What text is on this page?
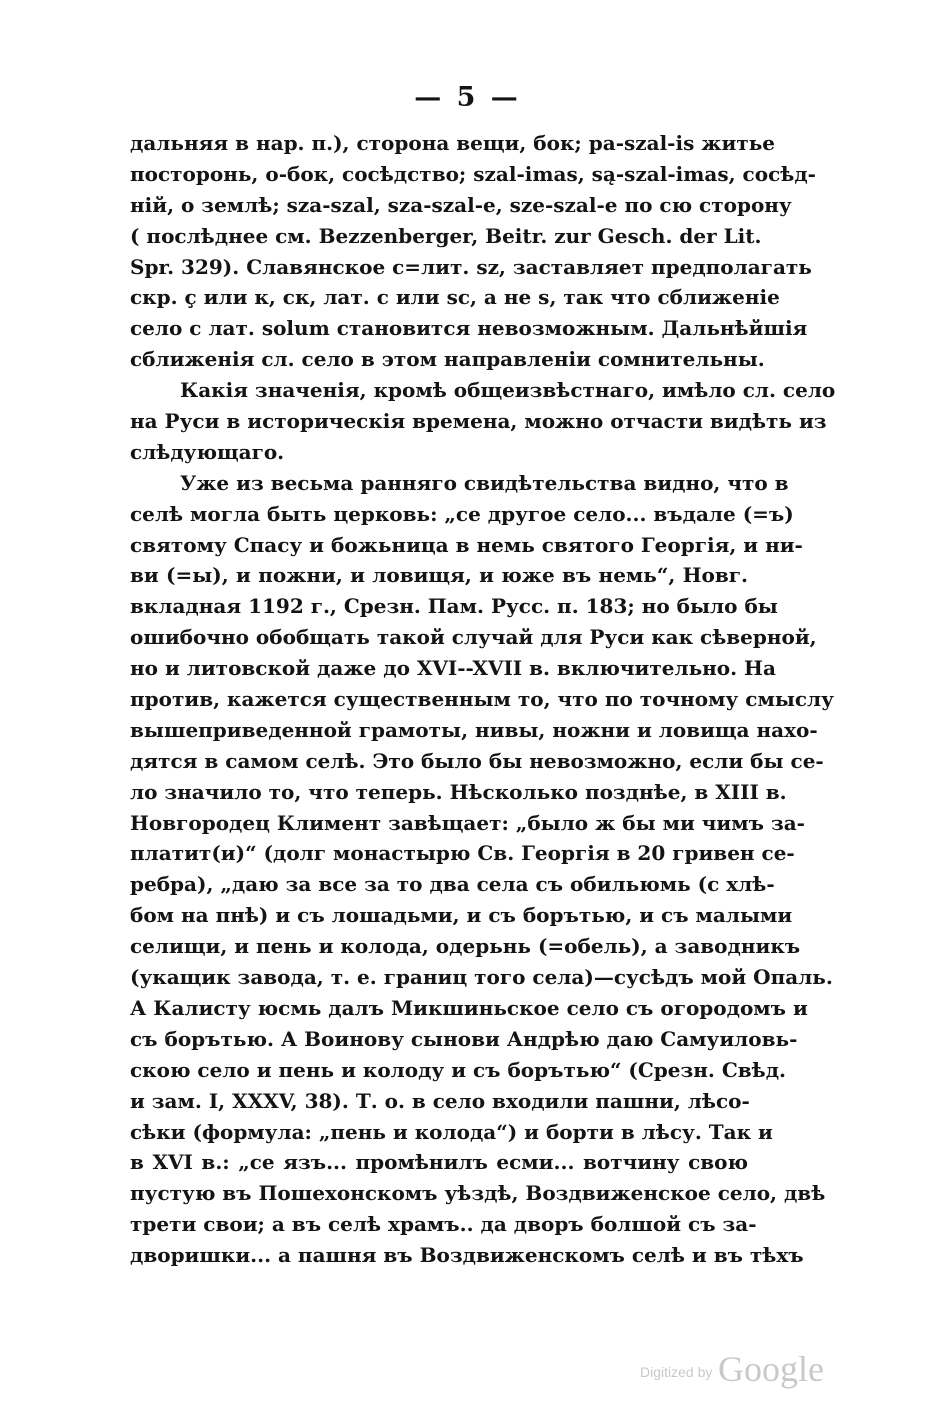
— 5 —
дальняя в нар. п.), сторона вещи, бок; pa-szal-is житье
посторонь, о-бок, сосѣдство; szal-imas, są-szal-imas, сосѣд-
ній, о землѣ; sza-szal, sza-szal-e, sze-szal-e по сю сторону
( послѣднее см. Bezzenberger, Beitr. zur Gesch. der Lit.
Spr. 329). Славянское с=лит. sz, заставляет предполагать
скр. ç или к, ск, лат. c или sc, а не s, так что сближеніе
село с лат. solum становится невозможным. Дальнѣйшія
сближенія сл. село в этом направленіи сомнительны.
Какія значенія, кромѣ общеизвѣстнаго, имѣло сл. село
на Руси в историческія времена, можно отчасти видѣть из
слѣдующаго.
Уже из весьма ранняго свидѣтельства видно, что в
селѣ могла быть церковь: „се другое село... въдале (=ъ)
святому Спасу и божьница в немь святого Георгія, и ни-
ви (=ы), и пожни, и ловищя, и юже въ немь“, Новг.
вкладная 1192 г., Срезн. Пам. Русс. п. 183; но было бы
ошибочно обобщать такой случай для Руси как сѣверной,
но и литовской даже до XVI--XVII в. включительно. На
против, кажется существенным то, что по точному смыслу
вышеприведенной грамоты, нивы, ножни и ловища нахо-
дятся в самом селѣ. Это было бы невозможно, если бы се-
ло значило то, что теперь. Нѣсколько позднѣе, в XIII в.
Новгородец Климент завѣщает: „было ж бы ми чимъ за-
платит(и)“ (долг монастырю Св. Георгія в 20 гривен се-
ребра), „даю за все за то два села съ обильюмь (с хлѣ-
бом на пнѣ) и съ лошадьми, и съ борътью, и съ малыми
селищи, и пень и колода, одерьнь (=обель), а заводникъ
(укащик завода, т. е. границ того села)—сусѣдъ мой Опаль.
А Калисту юсмь далъ Микшиньское село съ огородомъ и
съ борътью. А Воинову сынови Андрѣю даю Самуиловь-
скою село и пень и колоду и съ борътью“ (Срезн. Свѣд.
и зам. I, XXXV, 38). Т. о. в село входили пашни, лѣсо-
сѣки (формула: „пень и колода“) и борти в лѣсу. Так и
в XVI в.: „се язъ... промѣнилъ есми... вотчину свою
пустую въ Пошехонскомъ уѣздѣ, Воздвиженское село, двѣ
трети свои; а въ селѣ храмъ.. да дворъ болшой съ за-
дворишки... а пашня въ Воздвиженскомъ селѣ и въ тѣхъ
Digitized by Google
